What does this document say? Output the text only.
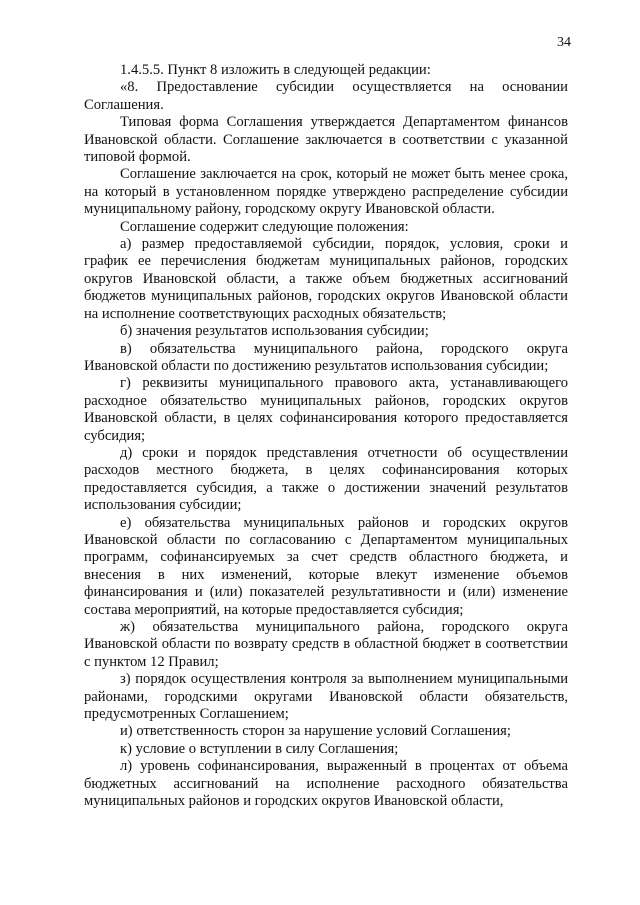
34

1.4.5.5. Пункт 8 изложить в следующей редакции:

«8. Предоставление субсидии осуществляется на основании Соглашения.

Типовая форма Соглашения утверждается Департаментом финансов Ивановской области. Соглашение заключается в соответствии с указанной типовой формой.

Соглашение заключается на срок, который не может быть менее срока, на который в установленном порядке утверждено распределение субсидии муниципальному району, городскому округу Ивановской области.

Соглашение содержит следующие положения:

а) размер предоставляемой субсидии, порядок, условия, сроки и график ее перечисления бюджетам муниципальных районов, городских округов Ивановской области, а также объем бюджетных ассигнований бюджетов муниципальных районов, городских округов Ивановской области на исполнение соответствующих расходных обязательств;

б) значения результатов использования субсидии;

в) обязательства муниципального района, городского округа Ивановской области по достижению результатов использования субсидии;

г) реквизиты муниципального правового акта, устанавливающего расходное обязательство муниципальных районов, городских округов Ивановской области, в целях софинансирования которого предоставляется субсидия;

д) сроки и порядок представления отчетности об осуществлении расходов местного бюджета, в целях софинансирования которых предоставляется субсидия, а также о достижении значений результатов использования субсидии;

е) обязательства муниципальных районов и городских округов Ивановской области по согласованию с Департаментом муниципальных программ, софинансируемых за счет средств областного бюджета, и внесения в них изменений, которые влекут изменение объемов финансирования и (или) показателей результативности и (или) изменение состава мероприятий, на которые предоставляется субсидия;

ж) обязательства муниципального района, городского округа Ивановской области по возврату средств в областной бюджет в соответствии с пунктом 12 Правил;

з) порядок осуществления контроля за выполнением муниципальными районами, городскими округами Ивановской области обязательств, предусмотренных Соглашением;

и) ответственность сторон за нарушение условий Соглашения;

к) условие о вступлении в силу Соглашения;

л) уровень софинансирования, выраженный в процентах от объема бюджетных ассигнований на исполнение расходного обязательства муниципальных районов и городских округов Ивановской области,
